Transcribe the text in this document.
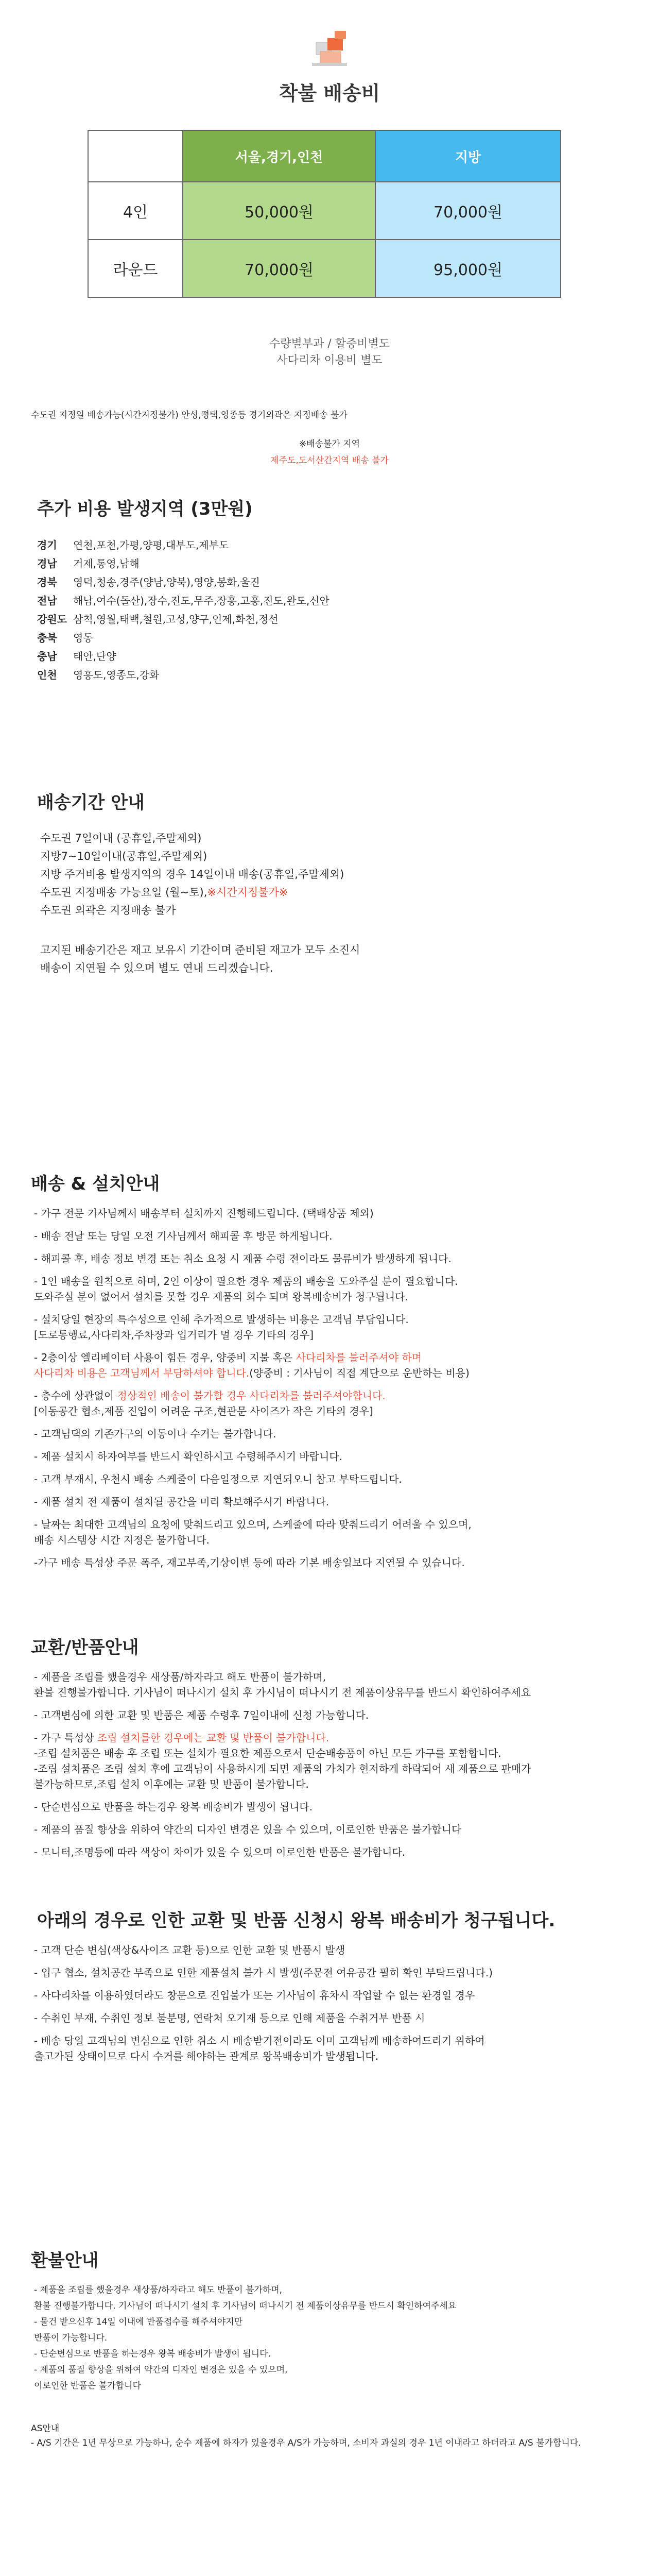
착불 배송비
	서울,경기,인천	지방
4인	50,000원	70,000원
라운드	70,000원	95,000원
수량별부과 / 할증비별도
사다리차 이용비 별도
수도권 지정일 배송가능(시간지정불가) 안성,평택,영종등 경기외곽은 지정배송 불가
※배송불가 지역
제주도,도서산간지역 배송 불가
추가 비용 발생지역 (3만원)
경기 연천,포천,가평,양평,대부도,제부도
경남 거제,통영,남해
경북 영덕,청송,경주(양남,양북),영양,봉화,울진
전남 해남,여수(돌산),장수,진도,무주,장흥,고흥,진도,완도,신안
강원도 삼척,영월,태백,철원,고성,양구,인제,화천,정선
충북 영동
충남 태안,단양
인천 영흥도,영종도,강화
배송기간 안내
수도권 7일이내 (공휴일,주말제외)
지방7~10일이내(공휴일,주말제외)
지방 주거비용 발생지역의 경우 14일이내 배송(공휴일,주말제외)
수도권 지정배송 가능요일 (월~토),※시간지정불가※
수도권 외곽은 지정배송 불가
고지된 배송기간은 재고 보유시 기간이며 준비된 재고가 모두 소진시
배송이 지연될 수 있으며 별도 연내 드리겠습니다.
배송 & 설치안내
- 가구 전문 기사님께서 배송부터 설치까지 진행해드립니다. (택배상품 제외)
- 배송 전날 또는 당일 오전 기사님께서 해피콜 후 방문 하게됩니다.
- 해피콜 후, 배송 정보 변경 또는 취소 요청 시 제품 수령 전이라도 물류비가 발생하게 됩니다.
- 1인 배송을 원칙으로 하며, 2인 이상이 필요한 경우 제품의 배송을 도와주실 분이 필요합니다.
도와주실 분이 없어서 설치를 못할 경우 제품의 회수 되며 왕복배송비가 청구됩니다.
- 설치당일 현장의 특수성으로 인해 추가적으로 발생하는 비용은 고객님 부담입니다.
[도로통행료,사다리차,주차장과 입거리가 멀 경우 기타의 경우]
- 2층이상 엘리베이터 사용이 힘든 경우, 양중비 지불 혹은 사다리차를 불러주셔야 하며
사다리차 비용은 고객님께서 부담하셔야 합니다.(양중비 : 기사님이 직접 계단으로 운반하는 비용)
- 층수에 상관없이 정상적인 배송이 불가할 경우 사다리차를 불러주셔야합니다.
[이동공간 협소,제품 진입이 어려운 구조,현관문 사이즈가 작은 기타의 경우]
- 고객님댁의 기존가구의 이동이나 수거는 불가합니다.
- 제품 설치시 하자여부를 반드시 확인하시고 수령해주시기 바랍니다.
- 고객 부재시, 우천시 배송 스케줄이 다음일정으로 지연되오니 참고 부탁드립니다.
- 제품 설치 전 제품이 설치될 공간을 미리 확보해주시기 바랍니다.
- 날짜는 최대한 고객님의 요청에 맞춰드리고 있으며, 스케줄에 따라 맞춰드리기 어려울 수 있으며,
배송 시스템상 시간 지정은 불가합니다.
-가구 배송 특성상 주문 폭주, 재고부족,기상이변 등에 따라 기본 배송일보다 지연될 수 있습니다.
교환/반품안내
- 제품을 조립를 했을경우 새상품/하자라고 해도 반품이 불가하며,
환불 진행불가합니다. 기사님이 떠나시기 설치 후 가시님이 떠나시기 전 제품이상유무를 반드시 확인하여주세요
- 고객변심에 의한 교환 및 반품은 제품 수령후 7일이내에 신청 가능합니다.
- 가구 특성상 조립 설치를한 경우에는 교환 및 반품이 불가합니다.
-조립 설치품은 배송 후 조립 또는 설치가 필요한 제품으로서 단순배송품이 아닌 모든 가구를 포함합니다.
-조립 설치품은 조립 설치 후에 고객님이 사용하시게 되면 제품의 가치가 현저하게 하락되어 새 제품으로 판매가
불가능하므로,조립 설치 이후에는 교환 및 반품이 불가합니다.
- 단순변심으로 반품을 하는경우 왕복 배송비가 발생이 됩니다.
- 제품의 품질 향상을 위하여 약간의 디자인 변경은 있을 수 있으며, 이로인한 반품은 불가합니다
- 모니터,조명등에 따라 색상이 차이가 있을 수 있으며 이로인한 반품은 불가합니다.
아래의 경우로 인한 교환 및 반품 신청시 왕복 배송비가 청구됩니다.
- 고객 단순 변심(색상&사이즈 교환 등)으로 인한 교환 및 반품시 발생
- 입구 협소, 설치공간 부족으로 인한 제품설치 불가 시 발생(주문전 여유공간 필히 확인 부탁드립니다.)
- 사다리차를 이용하였더라도 창문으로 진입불가 또는 기사님이 휴차시 작업할 수 없는 환경일 경우
- 수취인 부재, 수취인 정보 불분명, 연락처 오기재 등으로 인해 제품을 수취거부 반품 시
- 배송 당일 고객님의 변심으로 인한 취소 시 배송받기전이라도 이미 고객님께 배송하여드리기 위하여
출고가된 상태이므로 다시 수거를 해야하는 관계로 왕복배송비가 발생됩니다.
환불안내
- 제품을 조립를 했을경우 새상품/하자라고 해도 반품이 불가하며,
환불 진행불가합니다. 기사님이 떠나시기 설치 후 기사님이 떠나시기 전 제품이상유무를 반드시 확인하여주세요
- 물건 받으신후 14일 이내에 반품접수를 해주셔야지만
반품이 가능합니다.
- 단순변심으로 반품을 하는경우 왕복 배송비가 발생이 됩니다.
- 제품의 품질 향상을 위하여 약간의 디자인 변경은 있을 수 있으며,
이로인한 반품은 불가합니다
AS안내
- A/S 기간은 1년 무상으로 가능하나, 순수 제품에 하자가 있을경우 A/S가 가능하며, 소비자 과실의 경우 1년 이내라고 하더라고 A/S 불가합니다.
